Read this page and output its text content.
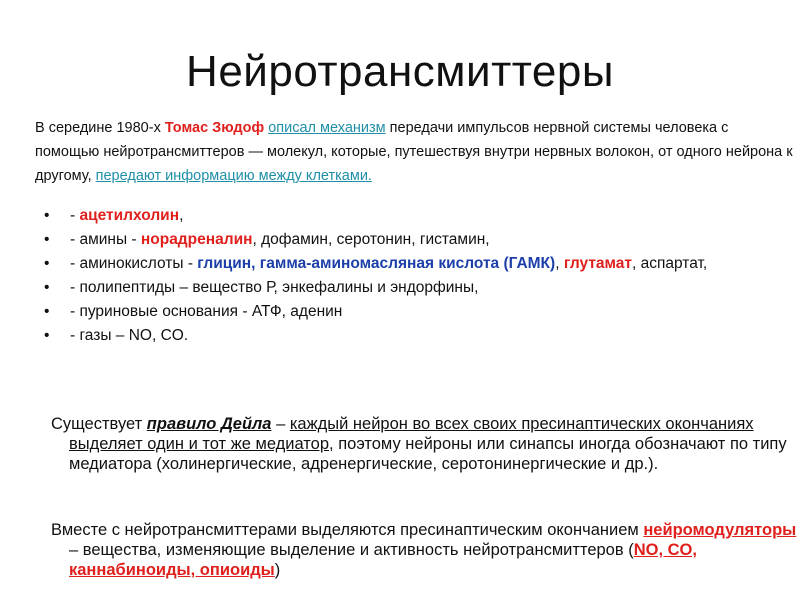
Нейротрансмиттеры
В середине 1980-х Томас Зюдоф описал механизм передачи импульсов нервной системы человека с помощью нейротрансмиттеров — молекул, которые, путешествуя внутри нервных волокон, от одного нейрона к другому, передают информацию между клетками.
• - ацетилхолин,
• - амины - норадреналин, дофамин, серотонин, гистамин,
• - аминокислоты - глицин, гамма-аминомасляная кислота (ГАМК), глутамат, аспартат,
• - полипептиды – вещество Р, энкефалины и эндорфины,
• - пуриновые основания - АТФ, аденин
• - газы – NO, CO.
Существует правило Дейла – каждый нейрон во всех своих пресинаптических окончаниях выделяет один и тот же медиатор, поэтому нейроны или синапсы иногда обозначают по типу медиатора (холинергические, адренергические, серотонинергические и др.).
Вместе с нейротрансмиттерами выделяются пресинаптическим окончанием нейромодуляторы – вещества, изменяющие выделение и активность нейротрансмиттеров (NO, CO, каннабиноиды, опиоиды)
